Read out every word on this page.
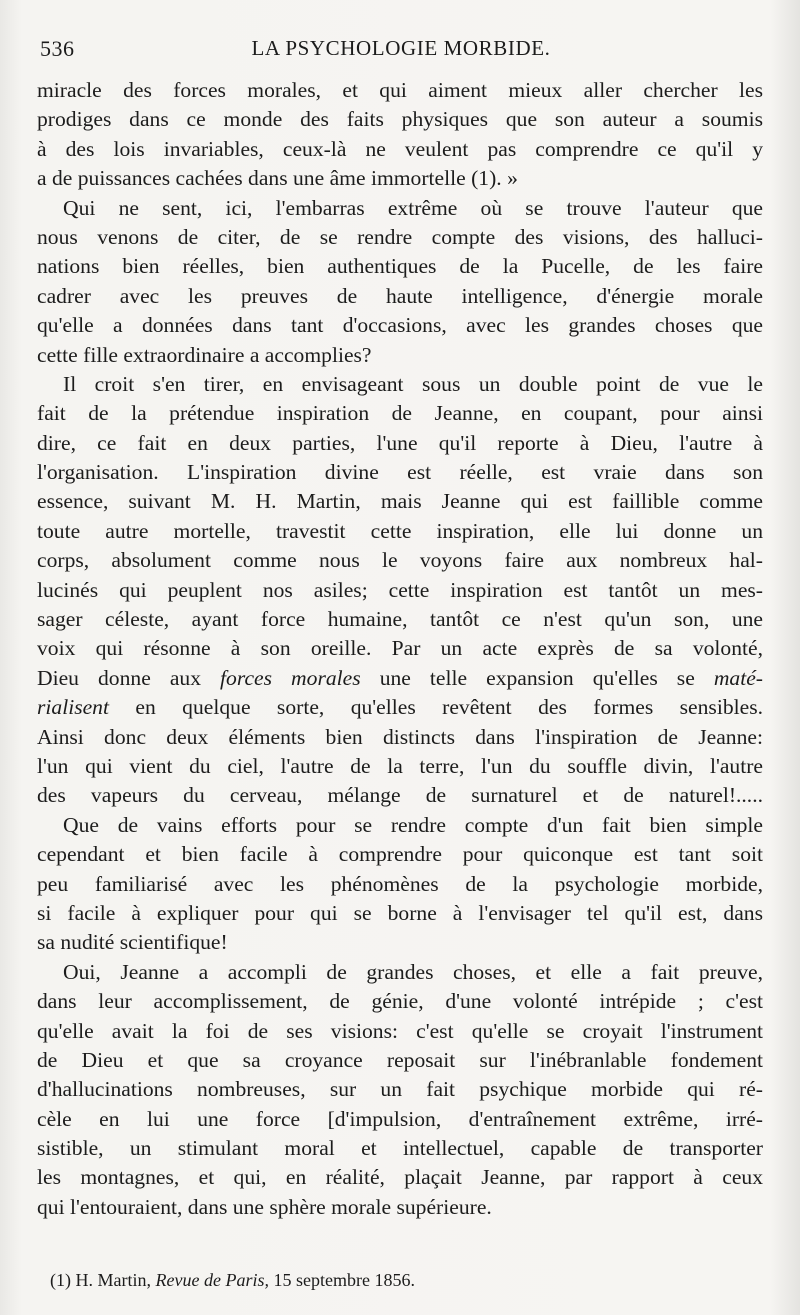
536	LA PSYCHOLOGIE MORBIDE.
miracle des forces morales, et qui aiment mieux aller chercher les
prodiges dans ce monde des faits physiques que son auteur a soumis
à des lois invariables, ceux-là ne veulent pas comprendre ce qu'il y
a de puissances cachées dans une âme immortelle (1). »
Qui ne sent, ici, l'embarras extrême où se trouve l'auteur que
nous venons de citer, de se rendre compte des visions, des halluci-
nations bien réelles, bien authentiques de la Pucelle, de les faire
cadrer avec les preuves de haute intelligence, d'énergie morale
qu'elle a données dans tant d'occasions, avec les grandes choses que
cette fille extraordinaire a accomplies?
Il croit s'en tirer, en envisageant sous un double point de vue le
fait de la prétendue inspiration de Jeanne, en coupant, pour ainsi
dire, ce fait en deux parties, l'une qu'il reporte à Dieu, l'autre à
l'organisation. L'inspiration divine est réelle, est vraie dans son
essence, suivant M. H. Martin, mais Jeanne qui est faillible comme
toute autre mortelle, travestit cette inspiration, elle lui donne un
corps, absolument comme nous le voyons faire aux nombreux hal-
lucinés qui peuplent nos asiles; cette inspiration est tantôt un mes-
sager céleste, ayant force humaine, tantôt ce n'est qu'un son, une
voix qui résonne à son oreille. Par un acte exprès de sa volonté,
Dieu donne aux forces morales une telle expansion qu'elles se maté-
rialisent en quelque sorte, qu'elles revêtent des formes sensibles.
Ainsi donc deux éléments bien distincts dans l'inspiration de Jeanne:
l'un qui vient du ciel, l'autre de la terre, l'un du souffle divin, l'autre
des vapeurs du cerveau, mélange de surnaturel et de naturel!.....
Que de vains efforts pour se rendre compte d'un fait bien simple
cependant et bien facile à comprendre pour quiconque est tant soit
peu familiarisé avec les phénomènes de la psychologie morbide,
si facile à expliquer pour qui se borne à l'envisager tel qu'il est, dans
sa nudité scientifique!
Oui, Jeanne a accompli de grandes choses, et elle a fait preuve,
dans leur accomplissement, de génie, d'une volonté intrépide ; c'est
qu'elle avait la foi de ses visions: c'est qu'elle se croyait l'instrument
de Dieu et que sa croyance reposait sur l'inébranlable fondement
d'hallucinations nombreuses, sur un fait psychique morbide qui ré-
cèle en lui une force [d'impulsion, d'entraînement extrême, irré-
sistible, un stimulant moral et intellectuel, capable de transporter
les montagnes, et qui, en réalité, plaçait Jeanne, par rapport à ceux
qui l'entouraient, dans une sphère morale supérieure.
(1) H. Martin, Revue de Paris, 15 septembre 1856.
